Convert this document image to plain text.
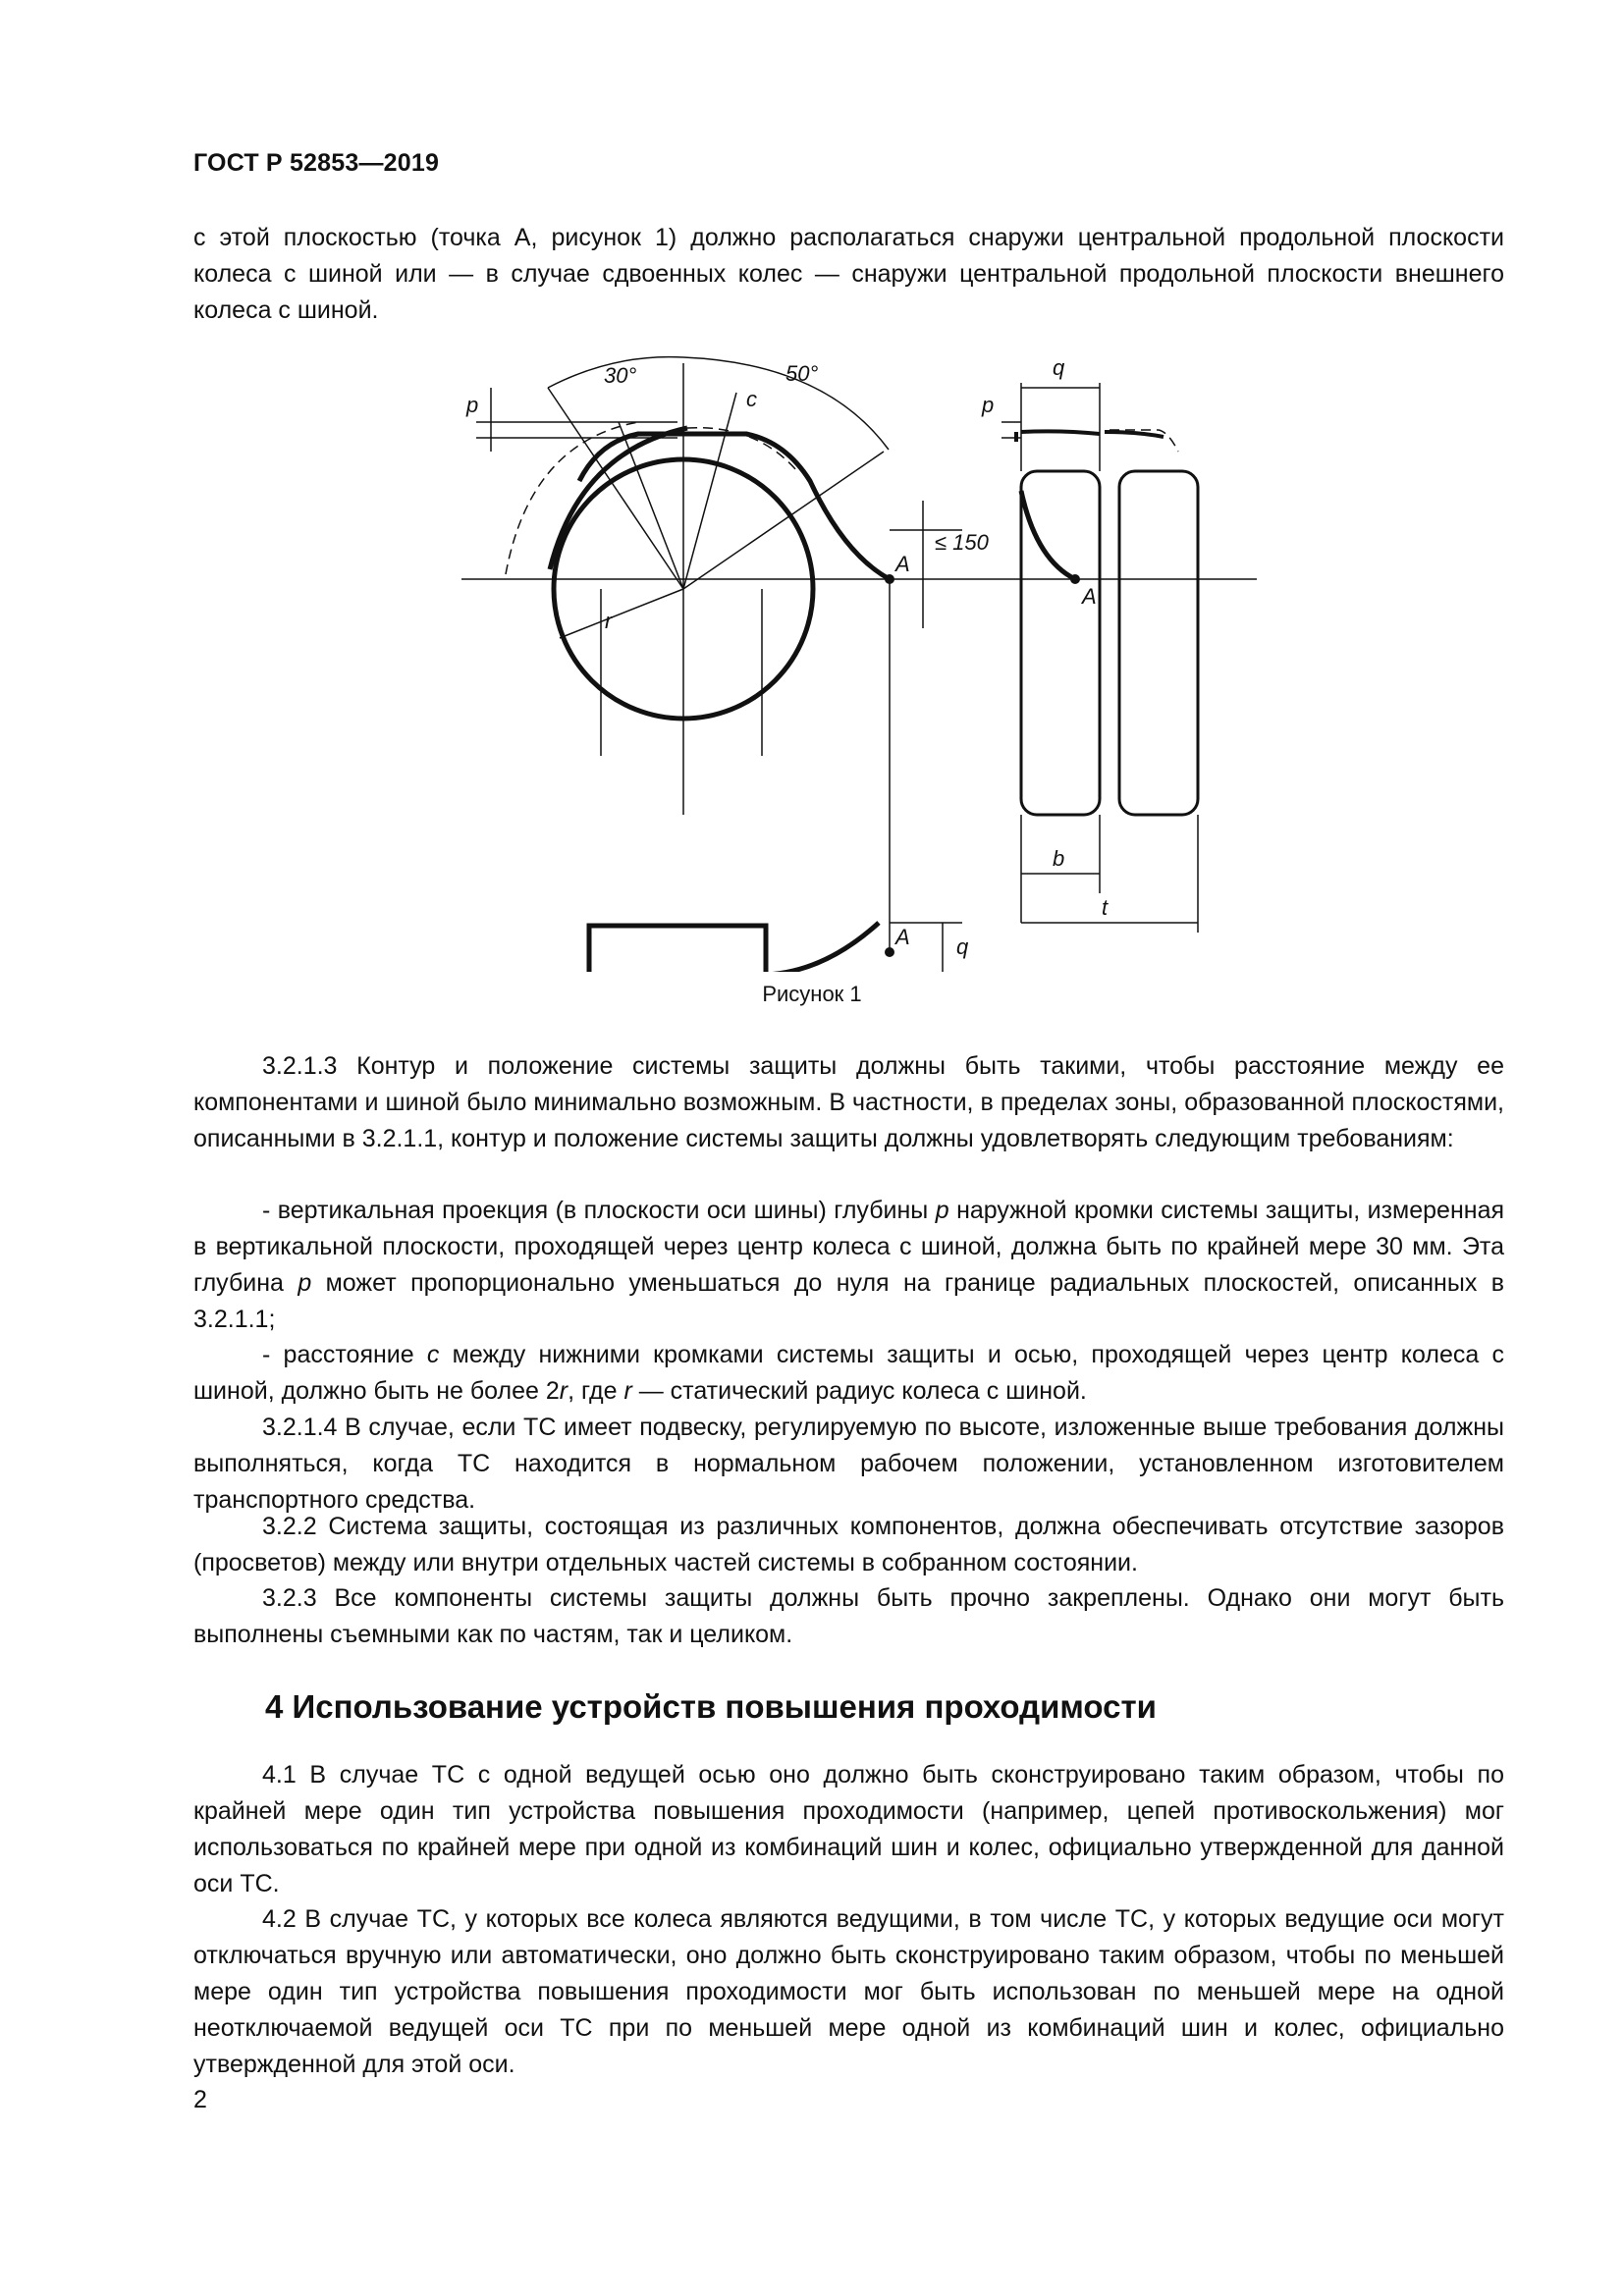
ГОСТ Р 52853—2019

с этой плоскостью (точка А, рисунок 1) должно располагаться снаружи центральной продольной плоскости колеса с шиной или — в случае сдвоенных колес — снаружи центральной продольной плоскости внешнего колеса с шиной.

30°	50°
p	c
r
A
A
A
≤ 150
q
p
q
b
t
Рисунок 1

3.2.1.3 Контур и положение системы защиты должны быть такими, чтобы расстояние между ее компонентами и шиной было минимально возможным. В частности, в пределах зоны, образованной плоскостями, описанными в 3.2.1.1, контур и положение системы защиты должны удовлетворять следующим требованиям:

- вертикальная проекция (в плоскости оси шины) глубины p наружной кромки системы защиты, измеренная в вертикальной плоскости, проходящей через центр колеса с шиной, должна быть по крайней мере 30 мм. Эта глубина p может пропорционально уменьшаться до нуля на границе радиальных плоскостей, описанных в 3.2.1.1;

- расстояние c между нижними кромками системы защиты и осью, проходящей через центр колеса с шиной, должно быть не более 2r, где r — статический радиус колеса с шиной.

3.2.1.4 В случае, если ТС имеет подвеску, регулируемую по высоте, изложенные выше требования должны выполняться, когда ТС находится в нормальном рабочем положении, установленном изготовителем транспортного средства.

3.2.2 Система защиты, состоящая из различных компонентов, должна обеспечивать отсутствие зазоров (просветов) между или внутри отдельных частей системы в собранном состоянии.

3.2.3 Все компоненты системы защиты должны быть прочно закреплены. Однако они могут быть выполнены съемными как по частям, так и целиком.

4 Использование устройств повышения проходимости

4.1 В случае ТС с одной ведущей осью оно должно быть сконструировано таким образом, чтобы по крайней мере один тип устройства повышения проходимости (например, цепей противоскольжения) мог использоваться по крайней мере при одной из комбинаций шин и колес, официально утвержденной для данной оси ТС.

4.2 В случае ТС, у которых все колеса являются ведущими, в том числе ТС, у которых ведущие оси могут отключаться вручную или автоматически, оно должно быть сконструировано таким образом, чтобы по меньшей мере один тип устройства повышения проходимости мог быть использован по меньшей мере на одной неотключаемой ведущей оси ТС при по меньшей мере одной из комбинаций шин и колес, официально утвержденной для этой оси.

2
